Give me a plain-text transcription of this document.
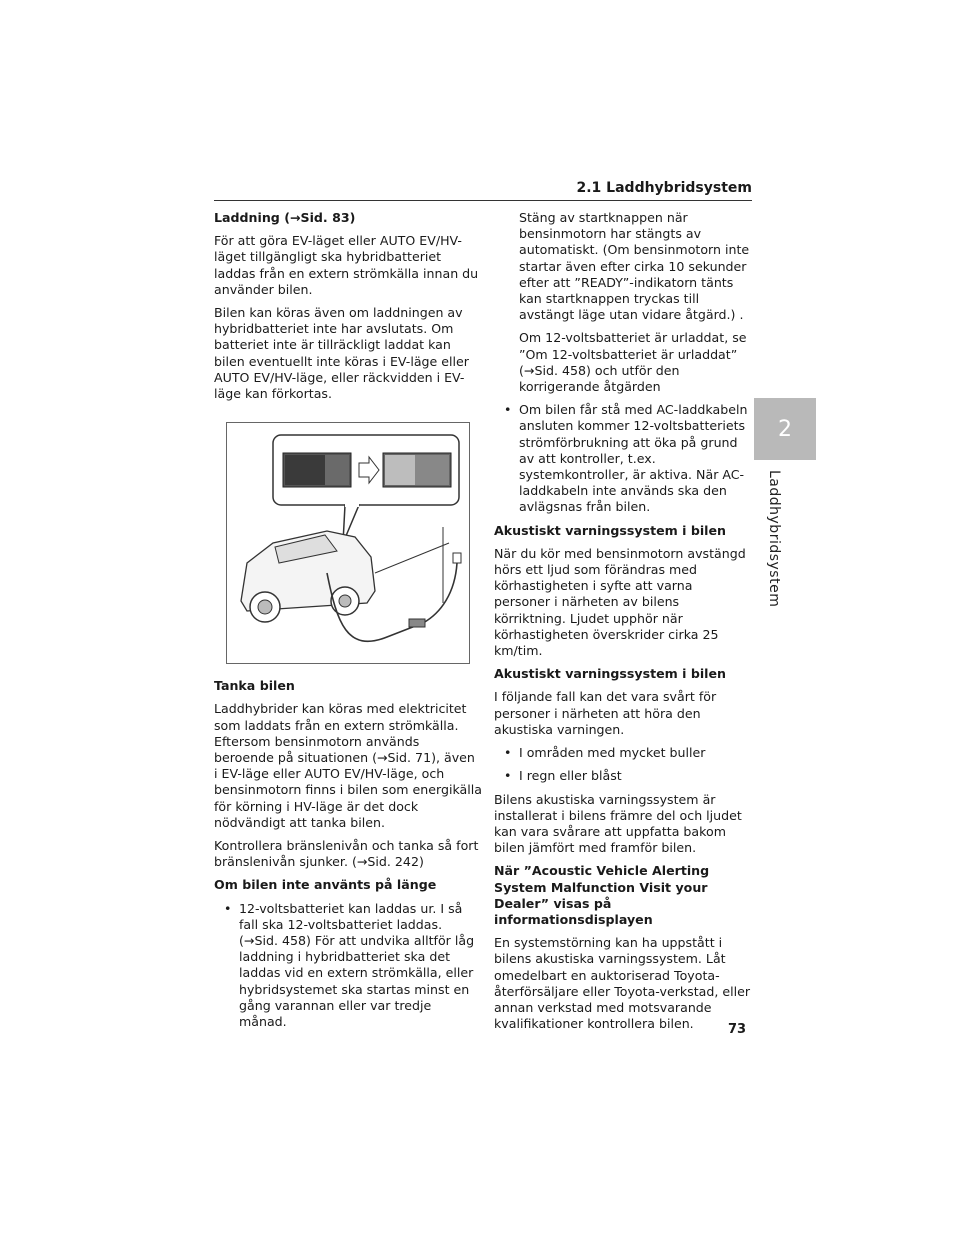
2.1 Laddhybridsystem
2
Laddhybridsystem

Laddning (→Sid. 83)

För att göra EV-läget eller AUTO EV/HV-läget tillgängligt ska hybridbatteriet laddas från en extern strömkälla innan du använder bilen.

Bilen kan köras även om laddningen av hybridbatteriet inte har avslutats. Om batteriet inte är tillräckligt laddat kan bilen eventuellt inte köras i EV-läge eller AUTO EV/HV-läge, eller räckvidden i EV-läge kan förkortas.

Tanka bilen

Laddhybrider kan köras med elektricitet som laddats från en extern strömkälla. Eftersom bensinmotorn används beroende på situationen (→Sid. 71), även i EV-läge eller AUTO EV/HV-läge, och bensinmotorn finns i bilen som energikälla för körning i HV-läge är det dock nödvändigt att tanka bilen.

Kontrollera bränslenivån och tanka så fort bränslenivån sjunker. (→Sid. 242)

Om bilen inte använts på länge

• 12-voltsbatteriet kan laddas ur. I så fall ska 12-voltsbatteriet laddas. (→Sid. 458) För att undvika alltför låg laddning i hybridbatteriet ska det laddas vid en extern strömkälla, eller hybridsystemet ska startas minst en gång varannan eller var tredje månad.

Stäng av startknappen när bensinmotorn har stängts av automatiskt. (Om bensinmotorn inte startar även efter cirka 10 sekunder efter att ”READY”-indikatorn tänts kan startknappen tryckas till avstängt läge utan vidare åtgärd.) .

Om 12-voltsbatteriet är urladdat, se ”Om 12-voltsbatteriet är urladdat” (→Sid. 458) och utför den korrigerande åtgärden

• Om bilen får stå med AC-laddkabeln ansluten kommer 12-voltsbatteriets strömförbrukning att öka på grund av att kontroller, t.ex. systemkontroller, är aktiva. När AC-laddkabeln inte används ska den avlägsnas från bilen.

Akustiskt varningssystem i bilen

När du kör med bensinmotorn avstängd hörs ett ljud som förändras med körhastigheten i syfte att varna personer i närheten av bilens körriktning. Ljudet upphör när körhastigheten överskrider cirka 25 km/tim.

Akustiskt varningssystem i bilen

I följande fall kan det vara svårt för personer i närheten att höra den akustiska varningen.

• I områden med mycket buller
• I regn eller blåst

Bilens akustiska varningssystem är installerat i bilens främre del och ljudet kan vara svårare att uppfatta bakom bilen jämfört med framför bilen.

När ”Acoustic Vehicle Alerting System Malfunction Visit your Dealer” visas på informationsdisplayen

En systemstörning kan ha uppstått i bilens akustiska varningssystem. Låt omedelbart en auktoriserad Toyota-återförsäljare eller Toyota-verkstad, eller annan verkstad med motsvarande kvalifikationer kontrollera bilen.	73
